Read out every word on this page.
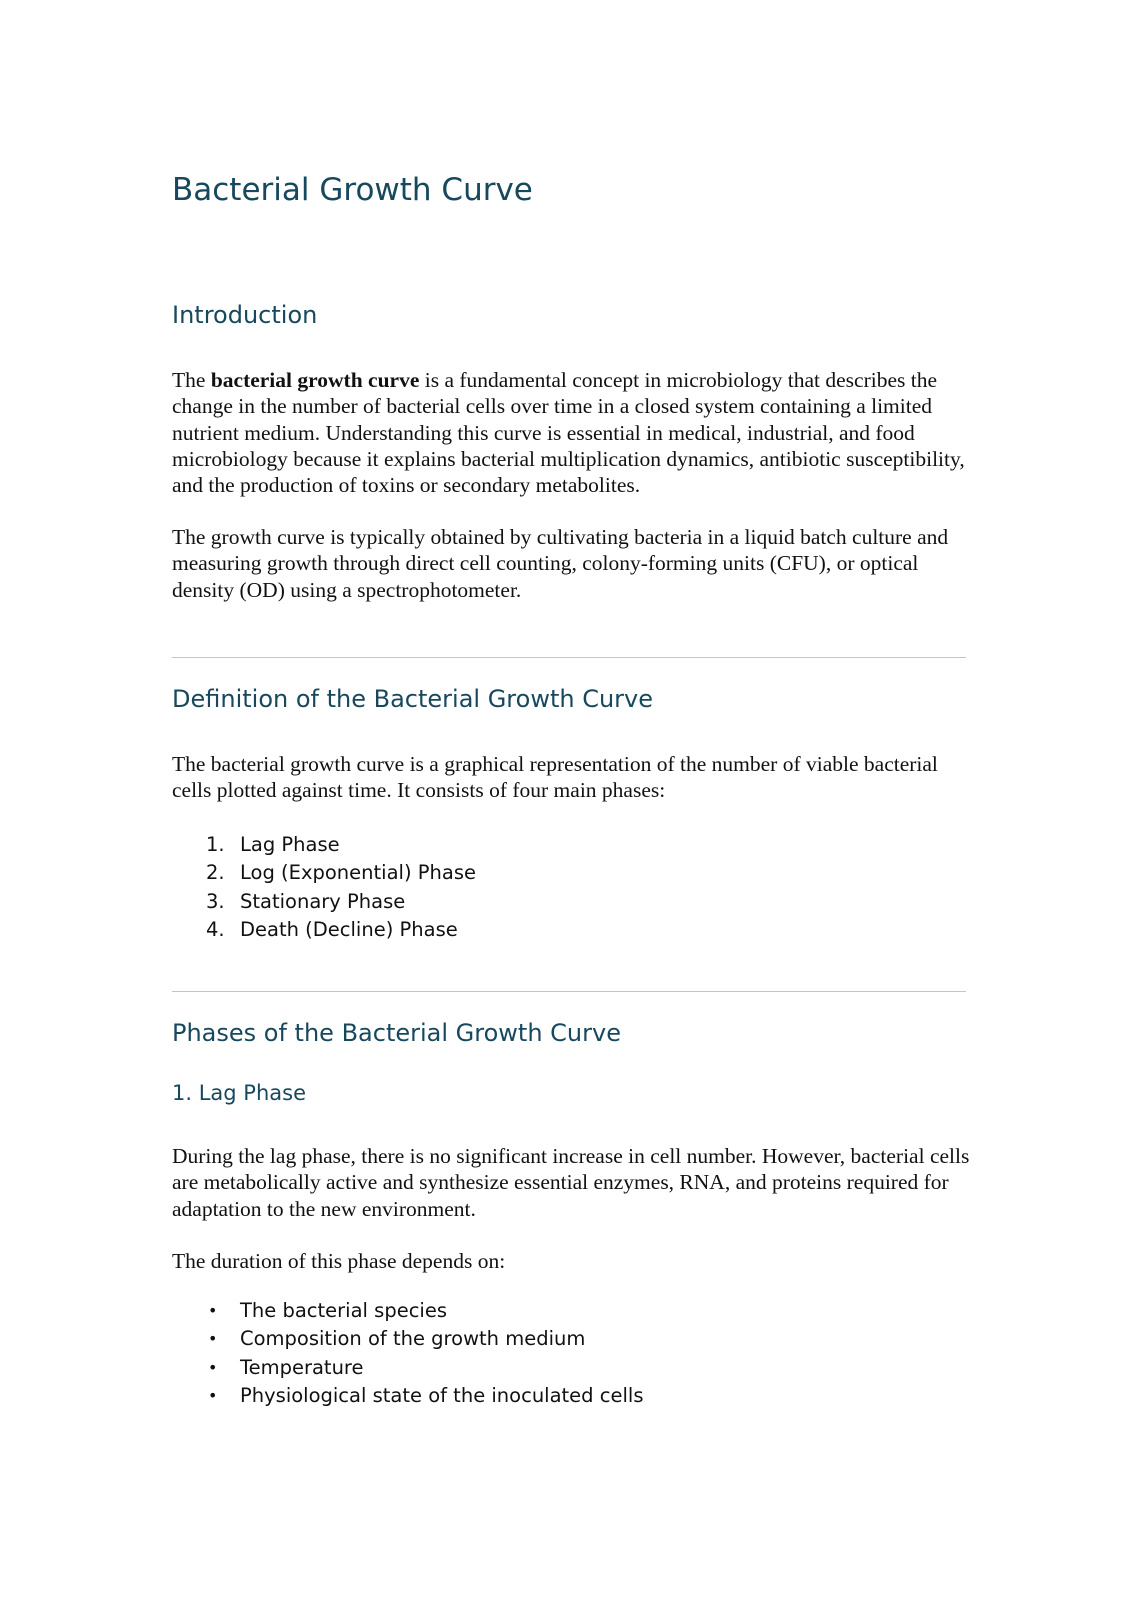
Bacterial Growth Curve
Introduction

The bacterial growth curve is a fundamental concept in microbiology that describes the change in the number of bacterial cells over time in a closed system containing a limited nutrient medium. Understanding this curve is essential in medical, industrial, and food microbiology because it explains bacterial multiplication dynamics, antibiotic susceptibility, and the production of toxins or secondary metabolites.

The growth curve is typically obtained by cultivating bacteria in a liquid batch culture and measuring growth through direct cell counting, colony-forming units (CFU), or optical density (OD) using a spectrophotometer.

Definition of the Bacterial Growth Curve

The bacterial growth curve is a graphical representation of the number of viable bacterial cells plotted against time. It consists of four main phases:

1. Lag Phase
2. Log (Exponential) Phase
3. Stationary Phase
4. Death (Decline) Phase
Phases of the Bacterial Growth Curve
1. Lag Phase

During the lag phase, there is no significant increase in cell number. However, bacterial cells are metabolically active and synthesize essential enzymes, RNA, and proteins required for adaptation to the new environment.

The duration of this phase depends on:

• The bacterial species
• Composition of the growth medium
• Temperature
• Physiological state of the inoculated cells
